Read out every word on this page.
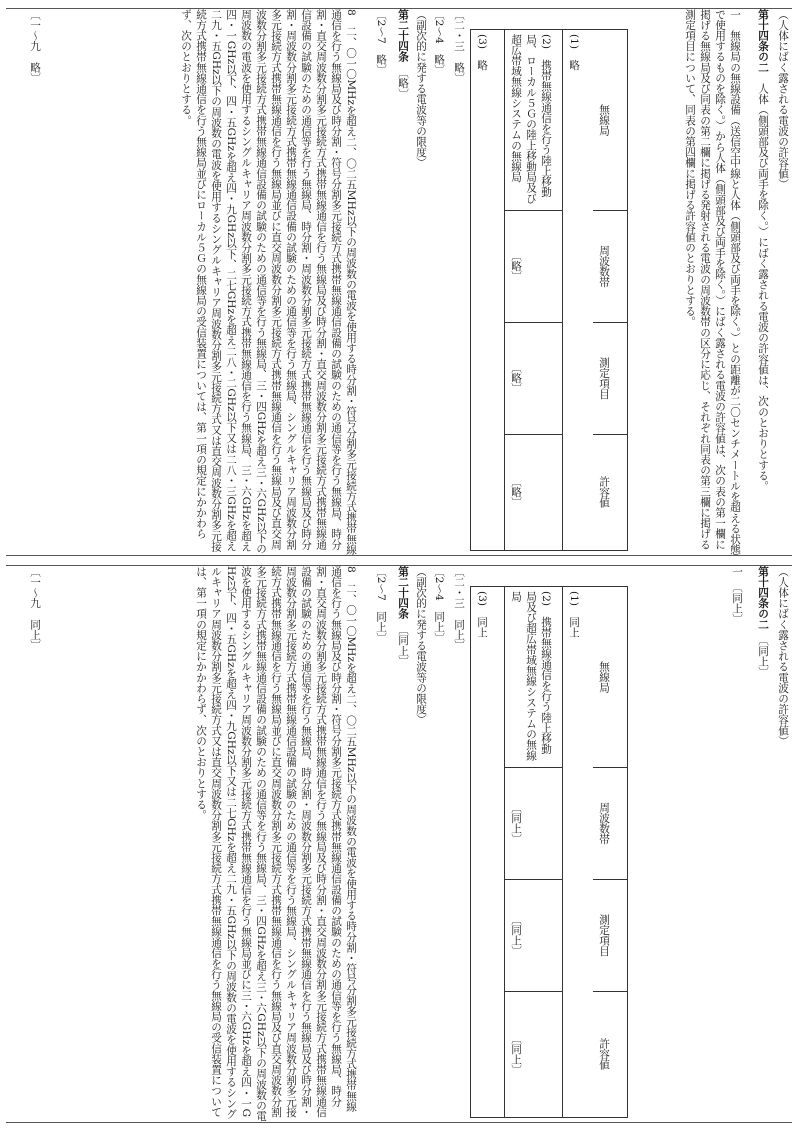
（人体にばく露される電波の許容値）
第十四条の二　人体（側頭部及び両手を除く。）にばく露される電波の許容値は、次のとおりとする。
一　無線局の無線設備（送信空中線と人体（側頭部及び両手を除く。）との距離が二〇センチメートルを超える状態で使用するものを除く。）から人体（側頭部及び両手を除く。）にばく露される電波の許容値は、次の表の第一欄に掲げる無線局及び同表の第二欄に掲げる発射される電波の周波数帯の区分に応じ、それぞれ同表の第三欄に掲げる測定項目について、同表の第四欄に掲げる許容値のとおりとする。
無線局
周波数帯
測定項目
許容値
(1)　略
(2)　携帯無線通信を行う陸上移動局、ローカル５Ｇの陸上移動局及び超広帯域無線システムの無線局
〔略〕
〔略〕
〔略〕
(3)　略
〔二・三　略〕
〔2～4　略〕
（副次的に発する電波等の限度）
第二十四条　〔略〕
〔2～7　略〕
8　二、〇一〇MHzを超え二、〇二五MHz以下の周波数の電波を使用する時分割・符号分割多元接続方式携帯無線通信を行う無線局及び時分割・符号分割多元接続方式携帯無線通信設備の試験のための通信等を行う無線局、時分割・直交周波数分割多元接続方式携帯無線通信を行う無線局及び時分割・直交周波数分割多元接続方式携帯無線通信設備の試験のための通信等を行う無線局、時分割・周波数分割多元接続方式携帯無線通信を行う無線局及び時分割・周波数分割多元接続方式携帯無線通信設備の試験のための通信等を行う無線局、シングルキャリア周波数分割多元接続方式携帯無線通信を行う無線局並びに直交周波数分割多元接続方式携帯無線通信を行う無線局及び直交周波数分割多元接続方式携帯無線通信設備の試験のための通信等を行う無線局、三・四GHzを超え三・六GHz以下の周波数の電波を使用するシングルキャリア周波数分割多元接続方式携帯無線通信を行う無線局、三・六GHzを超え四・一GHz以下、四・五GHzを超え四・九GHz以下、二七GHzを超え二八・二GHz以下又は二八・三GHzを超え二九・五GHz以下の周波数の電波を使用するシングルキャリア周波数分割多元接続方式又は直交周波数分割多元接続方式携帯無線通信を行う無線局並びにローカル５Ｇの無線局の受信装置については、第一項の規定にかかわらず、次のとおりとする。
〔一～九　略〕
（人体にばく露される電波の許容値）
第十四条の二　〔同上〕
一　〔同上〕
無線局
周波数帯
測定項目
許容値
(1)　同上
(2)　携帯無線通信を行う陸上移動局及び超広帯域無線システムの無線局
〔同上〕
〔同上〕
〔同上〕
(3)　同上
〔二・三　同上〕
〔2～4　同上〕
（副次的に発する電波等の限度）
第二十四条　〔同上〕
〔2～7　同上〕
8　二、〇一〇MHzを超え二、〇二五MHz以下の周波数の電波を使用する時分割・符号分割多元接続方式携帯無線通信を行う無線局及び時分割・符号分割多元接続方式携帯無線通信設備の試験のための通信等を行う無線局、時分割・直交周波数分割多元接続方式携帯無線通信を行う無線局及び時分割・直交周波数分割多元接続方式携帯無線通信設備の試験のための通信等を行う無線局、時分割・周波数分割多元接続方式携帯無線通信を行う無線局及び時分割・周波数分割多元接続方式携帯無線通信設備の試験のための通信等を行う無線局、シングルキャリア周波数分割多元接続方式携帯無線通信を行う無線局並びに直交周波数分割多元接続方式携帯無線通信を行う無線局及び直交周波数分割多元接続方式携帯無線通信設備の試験のための通信等を行う無線局、三・四GHzを超え三・六GHz以下の周波数の電波を使用するシングルキャリア周波数分割多元接続方式携帯無線通信を行う無線局並びに三・六GHzを超え四・一GHz以下、四・五GHzを超え四・九GHz以下又は二七GHzを超え二九・五GHz以下の周波数の電波を使用するシングルキャリア周波数分割多元接続方式又は直交周波数分割多元接続方式携帯無線通信を行う無線局の受信装置については、第一項の規定にかかわらず、次のとおりとする。
〔一～九　同上〕
